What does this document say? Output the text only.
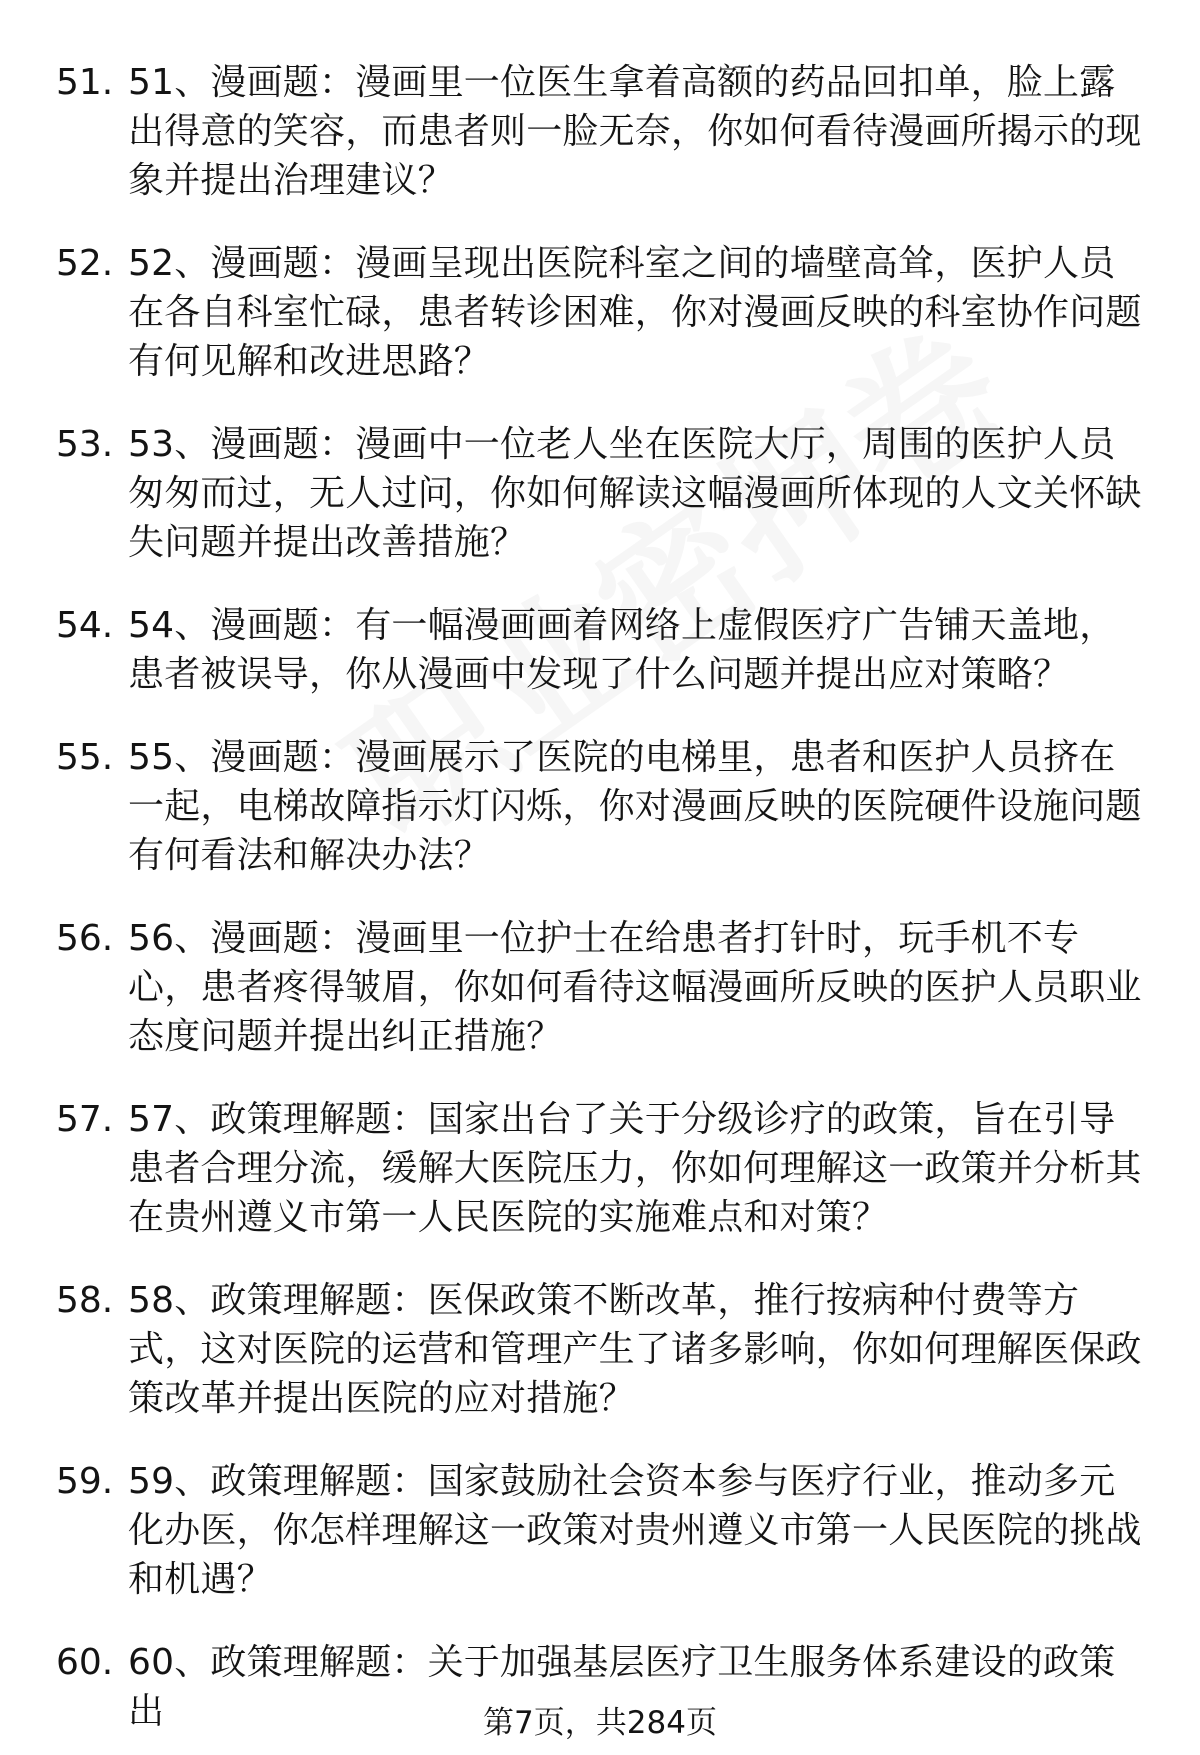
51. 51、漫画题：漫画里一位医生拿着高额的药品回扣单，脸上露出得意的笑容，而患者则一脸无奈，你如何看待漫画所揭示的现象并提出治理建议？
52. 52、漫画题：漫画呈现出医院科室之间的墙壁高耸，医护人员在各自科室忙碌，患者转诊困难，你对漫画反映的科室协作问题有何见解和改进思路？
53. 53、漫画题：漫画中一位老人坐在医院大厅，周围的医护人员匆匆而过，无人过问，你如何解读这幅漫画所体现的人文关怀缺失问题并提出改善措施？
54. 54、漫画题：有一幅漫画画着网络上虚假医疗广告铺天盖地，患者被误导，你从漫画中发现了什么问题并提出应对策略？
55. 55、漫画题：漫画展示了医院的电梯里，患者和医护人员挤在一起，电梯故障指示灯闪烁，你对漫画反映的医院硬件设施问题有何看法和解决办法？
56. 56、漫画题：漫画里一位护士在给患者打针时，玩手机不专心，患者疼得皱眉，你如何看待这幅漫画所反映的医护人员职业态度问题并提出纠正措施？
57. 57、政策理解题：国家出台了关于分级诊疗的政策，旨在引导患者合理分流，缓解大医院压力，你如何理解这一政策并分析其在贵州遵义市第一人民医院的实施难点和对策？
58. 58、政策理解题：医保政策不断改革，推行按病种付费等方式，这对医院的运营和管理产生了诸多影响，你如何理解医保政策改革并提出医院的应对措施？
59. 59、政策理解题：国家鼓励社会资本参与医疗行业，推动多元化办医，你怎样理解这一政策对贵州遵义市第一人民医院的挑战和机遇？
60. 60、政策理解题：关于加强基层医疗卫生服务体系建设的政策出	第7页，共284页
